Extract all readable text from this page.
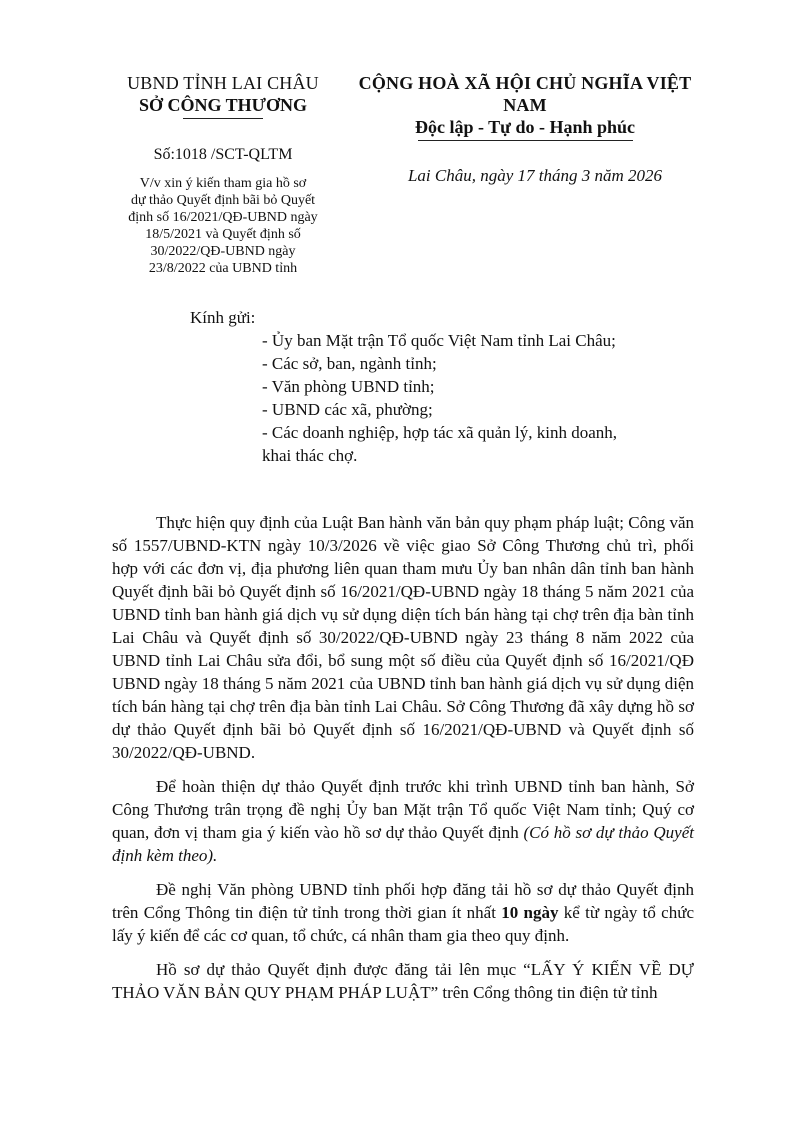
UBND TỈNH LAI CHÂU
SỞ CÔNG THƯƠNG
Số:1018 /SCT-QLTM
V/v xin ý kiến tham gia hồ sơ
dự thảo Quyết định bãi bỏ Quyết
định số 16/2021/QĐ-UBND ngày
18/5/2021 và Quyết định số
30/2022/QĐ-UBND ngày
23/8/2022 của UBND tỉnh
CỘNG HOÀ XÃ HỘI CHỦ NGHĨA VIỆT NAM
Độc lập - Tự do - Hạnh phúc
Lai Châu, ngày 17 tháng 3 năm 2026
Kính gửi:
- Ủy ban Mặt trận Tổ quốc Việt Nam tỉnh Lai Châu;
- Các sở, ban, ngành tỉnh;
- Văn phòng UBND tỉnh;
- UBND các xã, phường;
- Các doanh nghiệp, hợp tác xã quản lý, kinh doanh,
khai thác chợ.

Thực hiện quy định của Luật Ban hành văn bản quy phạm pháp luật; Công văn số 1557/UBND-KTN ngày 10/3/2026 về việc giao Sở Công Thương chủ trì, phối hợp với các đơn vị, địa phương liên quan tham mưu Ủy ban nhân dân tỉnh ban hành Quyết định bãi bỏ Quyết định số 16/2021/QĐ-UBND ngày 18 tháng 5 năm 2021 của UBND tỉnh ban hành giá dịch vụ sử dụng diện tích bán hàng tại chợ trên địa bàn tỉnh Lai Châu và Quyết định số 30/2022/QĐ-UBND ngày 23 tháng 8 năm 2022 của UBND tỉnh Lai Châu sửa đổi, bổ sung một số điều của Quyết định số 16/2021/QĐ UBND ngày 18 tháng 5 năm 2021 của UBND tỉnh ban hành giá dịch vụ sử dụng diện tích bán hàng tại chợ trên địa bàn tỉnh Lai Châu. Sở Công Thương đã xây dựng hồ sơ dự thảo Quyết định bãi bỏ Quyết định số 16/2021/QĐ-UBND và Quyết định số 30/2022/QĐ-UBND.

Để hoàn thiện dự thảo Quyết định trước khi trình UBND tỉnh ban hành, Sở Công Thương trân trọng đề nghị Ủy ban Mặt trận Tổ quốc Việt Nam tỉnh; Quý cơ quan, đơn vị tham gia ý kiến vào hồ sơ dự thảo Quyết định (Có hồ sơ dự thảo Quyết định kèm theo).

Đề nghị Văn phòng UBND tỉnh phối hợp đăng tải hồ sơ dự thảo Quyết định trên Cổng Thông tin điện tử tỉnh trong thời gian ít nhất 10 ngày kể từ ngày tổ chức lấy ý kiến để các cơ quan, tổ chức, cá nhân tham gia theo quy định.

Hồ sơ dự thảo Quyết định được đăng tải lên mục “LẤY Ý KIẾN VỀ DỰ THẢO VĂN BẢN QUY PHẠM PHÁP LUẬT” trên Cổng thông tin điện tử tỉnh
